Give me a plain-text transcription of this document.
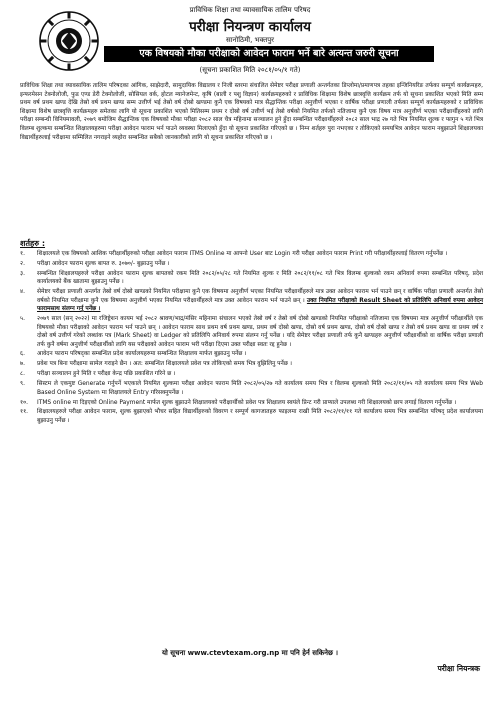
प्राविधिक शिक्षा तथा व्यावसायिक तालिम परिषद
परीक्षा नियन्त्रण कार्यालय
सानोठिमी, भक्तपुर
एक विषयको मौका परीक्षाको आवेदन फाराम भर्ने बारे अत्यन्त जरुरी सूचना
(सूचना प्रकाशित मिति २०८१/०५/१ गते)

प्राविधिक शिक्षा तथा व्यावसायिक तालिम परिषदका आंगिक, साझेदारी, सामुदायिक विद्यालय र निजी स्तरमा संचालित सेमेष्टर परीक्षा प्रणाली अन्तर्गतका डिप्लोमा/प्रमाणपत्र तहका इन्जिनियरिङ तर्फका सम्पूर्ण कार्यक्रमहरु, इन्फरमेसन टेक्नोलोजी, फुड एण्ड डेरी टेक्नोलोजी, सोसियल वर्क, होटल म्यानेजमेन्ट, कृषि (बाली र पशु विज्ञान) कार्यक्रमहरुको र प्राविधिक शिक्षामा विशेष छात्रवृत्ति कार्यक्रम तर्फ यो सूचना प्रकाशित भएको मिति सम्म प्रथम वर्ष प्रथम खण्ड देखि तेस्रो वर्ष प्रथम खण्ड सम्म उत्तीर्ण भई तेस्रो वर्ष दोस्रो खण्डमा कुनै एक विषयको मात्र सैद्धान्तिक परीक्षा अनुत्तीर्ण भएका र वार्षिक परीक्षा प्रणाली तर्फका सम्पूर्ण कार्यक्रमहरुको र प्राविधिक शिक्षामा विशेष छात्रवृत्ति कार्यक्रमहरु समेतका लागि यो सूचना प्रकाशित भएको मितिसम्म प्रथम र दोस्रो वर्ष उत्तीर्ण भई तेस्रो वर्षको नियमित तर्फको नतिजामा कुनै एक विषय मात्र अनुत्तीर्ण भएका परीक्षार्थीहरुको लागि परीक्षा सम्बन्धी विनियमावली, २०७९ बमोजिम सैद्धान्तिक एक विषयको मौका परीक्षा २०८२ साल चैत्र महिनामा सञ्चालन हुने हुँदा सम्बन्धित परीक्षार्थीहरुले २०८२ साल भाद्र २७ गते भित्र नियमित शुल्क र फागुन ५ गते भित्र विलम्ब शुल्कमा सम्बन्धित शिक्षालयहरुमा परीक्षा आवेदन फाराम भर्न पाउने व्यवस्था मिलाएको हुँदा यो सूचना प्रकाशित गरिएको छ । निम्न शर्तहरु पुरा नभएका र तोकिएको समयभित्र आवेदन फाराम नबुझाउने शिक्षालयका विद्यार्थीहरुलाई परीक्षामा सम्मिलित नगराइने व्यहोरा सम्बन्धित सबैको जानकारीको लागि यो सूचना प्रकाशित गरिएको छ ।

शर्तहरु :
१.	शिक्षालयले एक विषयको आशिक परीक्षार्थीहरुको परीक्षा आवेदन फाराम ITMS Online मा आफ्नो User बाट Login गरी परीक्षा आवेदन फाराम Print गरी परीक्षार्थीहरुलाई वितरण गर्नुपर्नेछ ।
२.	परीक्षा आवेदन फाराम शुल्क बापत रु. ३०७०/- बुझाउनु पर्नेछ ।
३.	सम्बन्धित शिक्षालयहरुले परीक्षा आवेदन फाराम शुल्क बापतको रकम मिति २०८२/०५/२८ गते नियमित शुल्क र मिति २०८२/११/०८ गते भित्र विलम्ब शुल्कको रकम अनिवार्य रुपमा सम्बन्धित परिषद्, प्रदेश कार्यालयको बैंक खातामा बुझाउनु पर्नेछ ।
४.	सेमेष्टर परीक्षा प्रणाली अन्तर्गत तेस्रो वर्ष दोस्रो खण्डको नियमित परीक्षामा कुनै एक विषयमा अनुत्तीर्ण भएका नियमित परीक्षार्थीहरुले मात्र उक्त आवेदन फाराम भर्न पाउने छन् र वार्षिक परीक्षा प्रणाली अन्तर्गत तेस्रो वर्षको नियमित परीक्षामा कुनै एक विषयमा अनुत्तीर्ण भएका नियमित परीक्षार्थीहरुले मात्र उक्त आवेदन फाराम भर्न पाउने छन् । उक्त नियमित परीक्षाको Result Sheet को प्रतिलिपि अनिवार्य रुपमा आवेदन फारामसाथ संलग्न गर्नु पर्नेछ ।
५.	२०७९ साल (सन् २०२२) मा रजिष्ट्रेशन कायम भई २०८२ श्रावण/भाद्र/मंसिर महिनामा संचालन भएको तेस्रो वर्ष र तेस्रो वर्ष दोस्रो खण्डको नियमित परीक्षाको नतिजामा एक विषयमा मात्र अनुत्तीर्ण परीक्षार्थीले एक विषयको मौका परीक्षाको आवेदन फाराम भर्न पाउने छन् । आवेदन फाराम साथ प्रथम वर्ष प्रथम खण्ड, प्रथम वर्ष दोस्रो खण्ड, दोस्रो वर्ष प्रथम खण्ड, दोस्रो वर्ष दोस्रो खण्ड र तेस्रो वर्ष प्रथम खण्ड वा प्रथम वर्ष र दोस्रो वर्ष उत्तीर्ण गरेको लब्धांक पत्र (Mark Sheet) वा Ledger को प्रतिलिपि अनिवार्य रुपमा संलग्न गर्नु पर्नेछ । यदि सेमेष्टर परीक्षा प्रणाली तर्फ कुनै खण्डहरु अनुत्तीर्ण परीक्षार्थीको वा वार्षिक परीक्षा प्रणाली तर्फ कुनै वर्षमा अनुत्तीर्ण परीक्षार्थीको लागि यस परीक्षाको आवेदन फाराम भरी परीक्षा दिएमा उक्त परीक्षा स्वतः रद्द हुनेछ ।
६.	आवेदन फाराम परिषद्का सम्बन्धित प्रदेश कार्यालयहरुमा सम्बन्धित शिक्षालय मार्फत बुझाउनु पर्नेछ ।
७.	प्रवेश पत्र बिना परीक्षामा सामेल गराइने छैन । अत: सम्बन्धित शिक्षालयले प्रवेश पत्र तोकिएको समय भित्र वुझिलिनु पर्नेछ ।
८.	परीक्षा सञ्चालन हुने मिति र परीक्षा केन्द्र पछि प्रकाशित गरिने छ ।
९.	सिस्टम ले एकमुष्ट Generate गर्नुपर्ने भएकाले नियमित शुल्कमा परीक्षा आवेदन फाराम मिति २०८२/०५/२७ गते कार्यालय समय भित्र र विलम्ब शुल्कको मिति २०८२/११/०५ गते कार्यालय समय भित्र Web Based Online System मा शिक्षालयले Entry गरिसक्नुपर्नेछ ।
१०.	ITMS online मा दिइएको Online Payment मार्फत शुल्क बुझाउने शिक्षालयको परीक्षार्थीको प्रवेश पत्र शिक्षालय स्वयंले प्रिन्ट गरी प्राप्याले उपलब्ध गरी शिक्षालयको छाप लगाई वितरण गर्नुपर्नेछ ।
११.	शिक्षालयहरुले परीक्षा आवेदन फाराम, शुल्क बुझाएको भौचर सहित विद्यार्थीहरुको विवरण र सम्पूर्ण कागजातहरु फाइलमा राखी मिति २०८२/११/११ गते कार्यालय समय भित्र सम्बन्धित परिषद् प्रदेश कार्यालयमा बुझाउनु पर्नेछ ।
यो सूचना www.ctevtexam.org.np मा पनि हेर्न सकिनेछ ।
परीक्षा नियन्त्रक
